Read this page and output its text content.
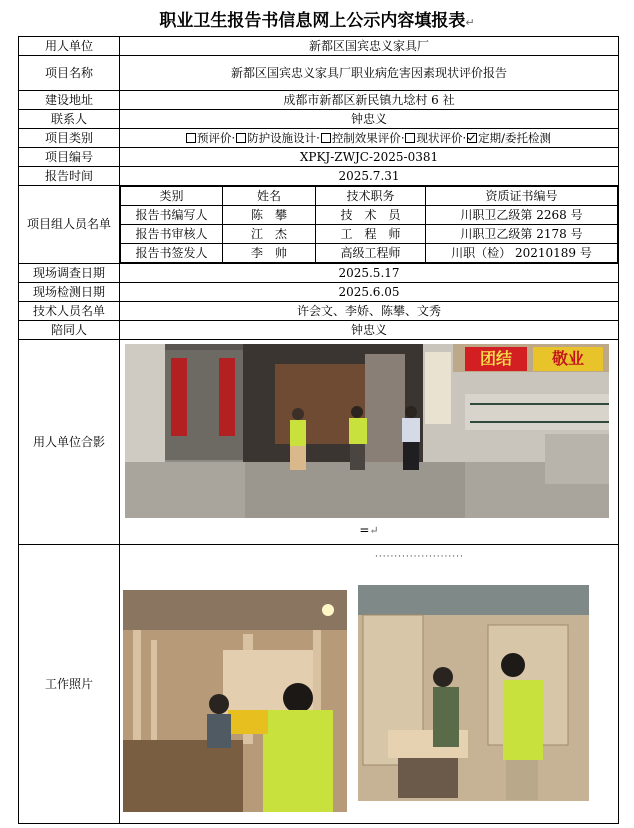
职业卫生报告书信息网上公示内容填报表↵
用人单位	新都区国宾忠义家具厂
项目名称	新都区国宾忠义家具厂职业病危害因素现状评价报告
建设地址	成都市新都区新民镇九埝村 6 社
联系人	钟忠义
项目类别	预评价· 防护设施设计· 控制效果评价· 现状评价· 定期/委托检测
项目编号	XPKJ-ZWJC-2025-0381
报告时间	2025.7.31
项目组人员名单	
类别	姓名	技术职务	资质证书编号
报告书编写人	陈　攀	技　术　员	川职卫乙级第 2268 号
报告书审核人	江　杰	工　程　师	川职卫乙级第 2178 号
报告书签发人	李　帅	高级工程师	川职（检） 20210189 号

现场调查日期	2025.5.17
现场检测日期	2025.6.05
技术人员名单	许会文、李娇、陈攀、文秀
陪同人	钟忠义
用人单位合影	
团结 敬业
=↵

工作照片	
·······················
